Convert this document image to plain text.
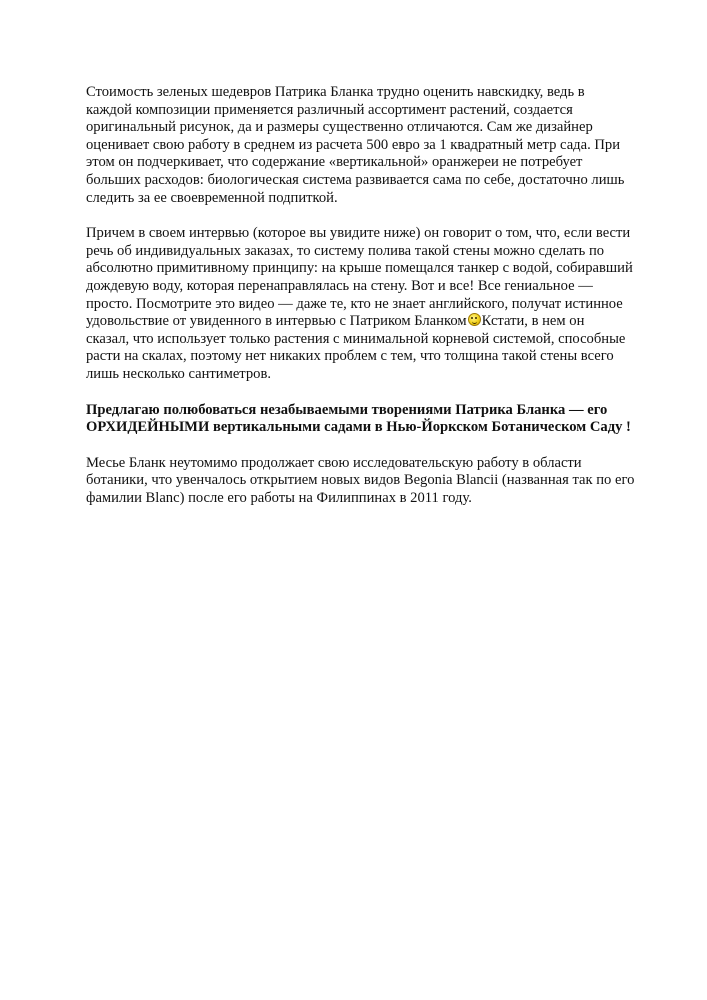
Стоимость зеленых шедевров Патрика Бланка трудно оценить навскидку, ведь в
каждой композиции применяется различный ассортимент растений, создается
оригинальный рисунок, да и размеры существенно отличаются. Сам же дизайнер
оценивает свою работу в среднем из расчета 500 евро за 1 квадратный метр сада. При
этом он подчеркивает, что содержание «вертикальной» оранжереи не потребует
больших расходов: биологическая система развивается сама по себе, достаточно лишь
следить за ее своевременной подпиткой.

Причем в своем интервью (которое вы увидите ниже) он говорит о том, что, если вести
речь об индивидуальных заказах, то систему полива такой стены можно сделать по
абсолютно примитивному принципу: на крыше помещался танкер с водой, собиравший
дождевую воду, которая перенаправлялась на стену. Вот и все! Все гениальное —
просто. Посмотрите это видео — даже те, кто не знает английского, получат истинное
удовольствие от увиденного в интервью с Патриком Бланком Кстати, в нем он
сказал, что использует только растения с минимальной корневой системой, способные
расти на скалах, поэтому нет никаких проблем с тем, что толщина такой стены всего
лишь несколько сантиметров.

Предлагаю полюбоваться незабываемыми творениями Патрика Бланка — его
ОРХИДЕЙНЫМИ вертикальными садами в Нью-Йоркском Ботаническом Саду !

Месье Бланк неутомимо продолжает свою исследовательскую работу в области
ботаники, что увенчалось открытием новых видов Begonia Blancii (названная так по его
фамилии Blanc) после его работы на Филиппинах в 2011 году.
